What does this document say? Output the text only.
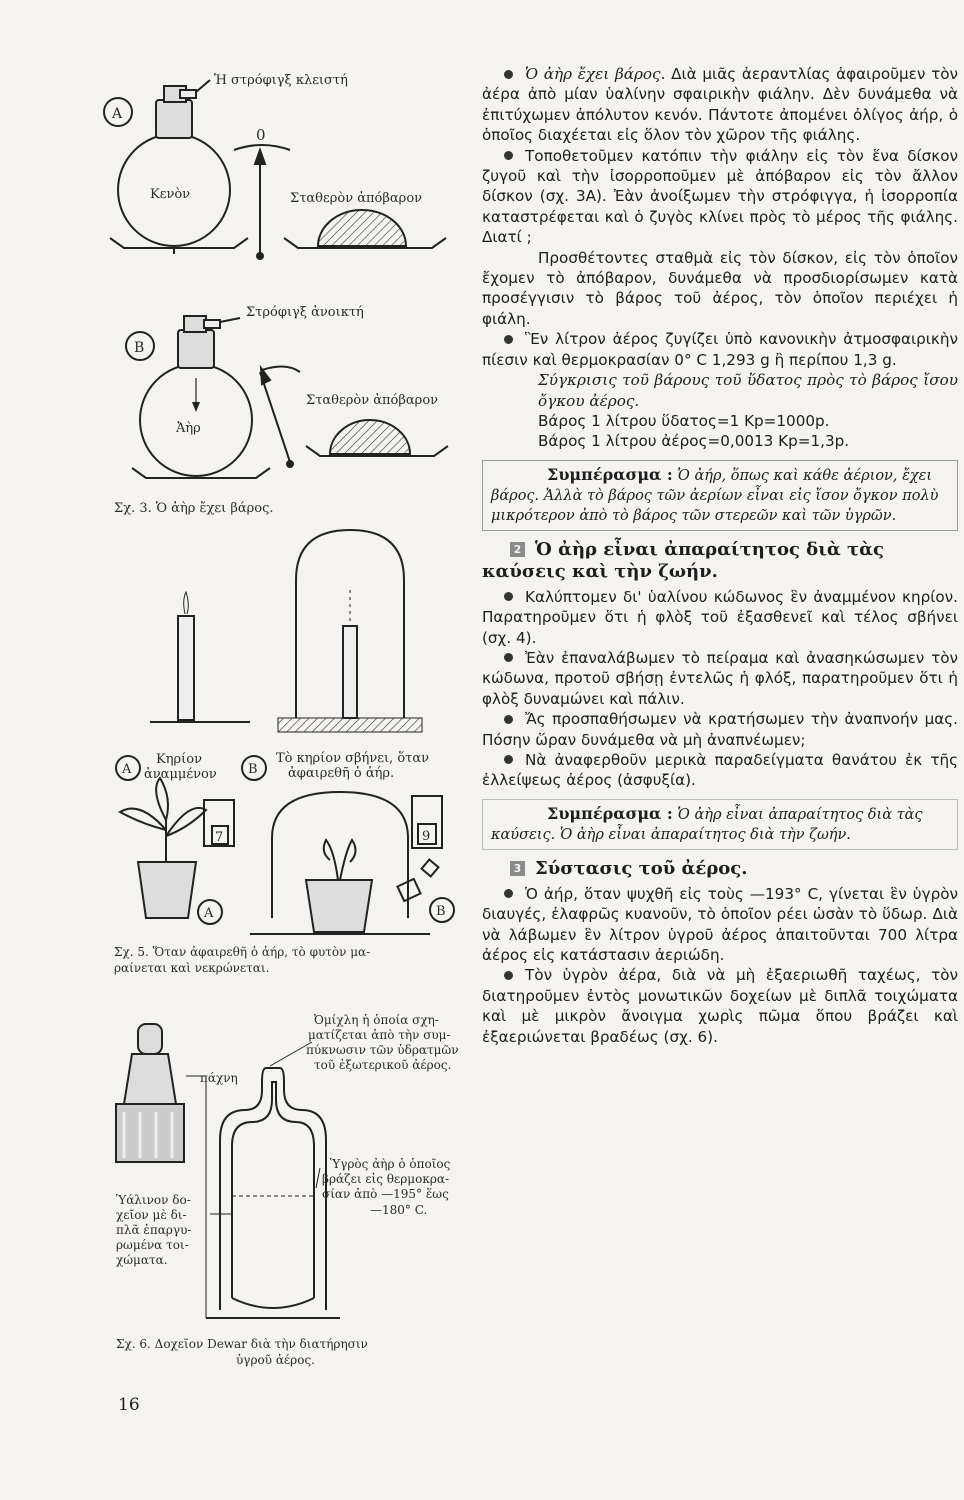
A
Ἡ στρόφιγξ κλειστή
0
Κενὸν	Σταθερὸν ἀπόβαρον
B
Στρόφιγξ ἀνοικτή
Ἀὴρ
Σταθερὸν ἀπόβαρον
Σχ. 3. Ὁ ἀὴρ ἔχει βάρος.
A	B
Κηρίον ἀναμμένον
Τὸ κηρίον σβήνει, ὅταν ἀφαιρεθῆ ὁ ἀήρ.
A	B
7	9
Σχ. 5. Ὅταν ἀφαιρεθῆ ὁ ἀήρ, τὸ φυτὸν μα-ραίνεται καὶ νεκρώνεται.
πάχνη
Ὀμίχλη ἡ ὁποία σχη-ματίζεται ἀπὸ τὴν συμ-πύκνωσιν τῶν ὑδρατμῶν τοῦ ἐξωτερικοῦ ἀέρος.
Ὑγρὸς ἀὴρ ὁ ὁποῖος βράζει εἰς θερμοκρα-σίαν ἀπὸ —195° ἕως —180° C.
Ὑάλινον δο-χεῖον μὲ δι-πλᾶ ἐπαργυ-ρωμένα τοι-χώματα.
Σχ. 6. Δοχεῖον Dewar διὰ τὴν διατήρησιν ὑγροῦ ἀέρος.

Ὁ ἀὴρ ἔχει βάρος. Διὰ μιᾶς ἀεραντλίας ἀφαιροῦμεν τὸν ἀέρα ἀπὸ μίαν ὑαλίνην σφαιρικὴν φιάλην. Δὲν δυνάμεθα νὰ ἐπιτύχωμεν ἀπόλυτον κενόν. Πάντοτε ἀπομένει ὀλίγος ἀήρ, ὁ ὁποῖος διαχέεται εἰς ὅλον τὸν χῶρον τῆς φιάλης.

Τοποθετοῦμεν κατόπιν τὴν φιάλην εἰς τὸν ἕνα δίσκον ζυγοῦ καὶ τὴν ἰσορροποῦμεν μὲ ἀπόβαρον εἰς τὸν ἄλλον δίσκον (σχ. 3Α). Ἐὰν ἀνοίξωμεν τὴν στρόφιγγα, ἡ ἰσορροπία καταστρέφεται καὶ ὁ ζυγὸς κλίνει πρὸς τὸ μέρος τῆς φιάλης. Διατί ;

Προσθέτοντες σταθμὰ εἰς τὸν δίσκον, εἰς τὸν ὁποῖον ἔχομεν τὸ ἀπόβαρον, δυνάμεθα νὰ προσδιορίσωμεν κατὰ προσέγγισιν τὸ βάρος τοῦ ἀέρος, τὸν ὁποῖον περιέχει ἡ φιάλη.

Ἓν λίτρον ἀέρος ζυγίζει ὑπὸ κανονικὴν ἀτμοσφαιρικὴν πίεσιν καὶ θερμοκρασίαν 0° C 1,293 g ἢ περίπου 1,3 g.

Σύγκρισις τοῦ βάρους τοῦ ὕδατος πρὸς τὸ βάρος ἴσου ὄγκου ἀέρος.

Βάρος 1 λίτρου ὕδατος=1 Kp=1000p.

Βάρος 1 λίτρου ἀέρος=0,0013 Kp=1,3p.

Συμπέρασμα : Ὁ ἀήρ, ὅπως καὶ κάθε ἀέριον, ἔχει βάρος. Ἀλλὰ τὸ βάρος τῶν ἀερίων εἶναι εἰς ἴσον ὄγκον πολὺ μικρότερον ἀπὸ τὸ βάρος τῶν στερεῶν καὶ τῶν ὑγρῶν.
2 Ὁ ἀὴρ εἶναι ἀπαραίτητος διὰ τὰς καύσεις καὶ τὴν ζωήν.

Καλύπτομεν δι' ὑαλίνου κώδωνος ἓν ἀναμμένον κηρίον. Παρατηροῦμεν ὅτι ἡ φλὸξ τοῦ ἐξασθενεῖ καὶ τέλος σβήνει (σχ. 4).

Ἐὰν ἐπαναλάβωμεν τὸ πείραμα καὶ ἀνασηκώσωμεν τὸν κώδωνα, προτοῦ σβήσῃ ἐντελῶς ἡ φλόξ, παρατηροῦμεν ὅτι ἡ φλὸξ δυναμώνει καὶ πάλιν.

Ἄς προσπαθήσωμεν νὰ κρατήσωμεν τὴν ἀναπνοήν μας. Πόσην ὥραν δυνάμεθα νὰ μὴ ἀναπνέωμεν;

Νὰ ἀναφερθοῦν μερικὰ παραδείγματα θανάτου ἐκ τῆς ἐλλείψεως ἀέρος (ἀσφυξία).

Συμπέρασμα : Ὁ ἀὴρ εἶναι ἀπαραίτητος διὰ τὰς καύσεις. Ὁ ἀὴρ εἶναι ἀπαραίτητος διὰ τὴν ζωήν.
3 Σύστασις τοῦ ἀέρος.

Ὁ ἀήρ, ὅταν ψυχθῆ εἰς τοὺς —193° C, γίνεται ἓν ὑγρὸν διαυγές, ἐλαφρῶς κυανοῦν, τὸ ὁποῖον ρέει ὡσὰν τὸ ὕδωρ. Διὰ νὰ λάβωμεν ἓν λίτρον ὑγροῦ ἀέρος ἀπαιτοῦνται 700 λίτρα ἀέρος εἰς κατάστασιν ἀεριώδη.

Τὸν ὑγρὸν ἀέρα, διὰ νὰ μὴ ἐξαεριωθῆ ταχέως, τὸν διατηροῦμεν ἐντὸς μονωτικῶν δοχείων μὲ διπλᾶ τοιχώματα καὶ μὲ μικρὸν ἄνοιγμα χωρὶς πῶμα ὅπου βράζει καὶ ἐξαεριώνεται βραδέως (σχ. 6).

16
